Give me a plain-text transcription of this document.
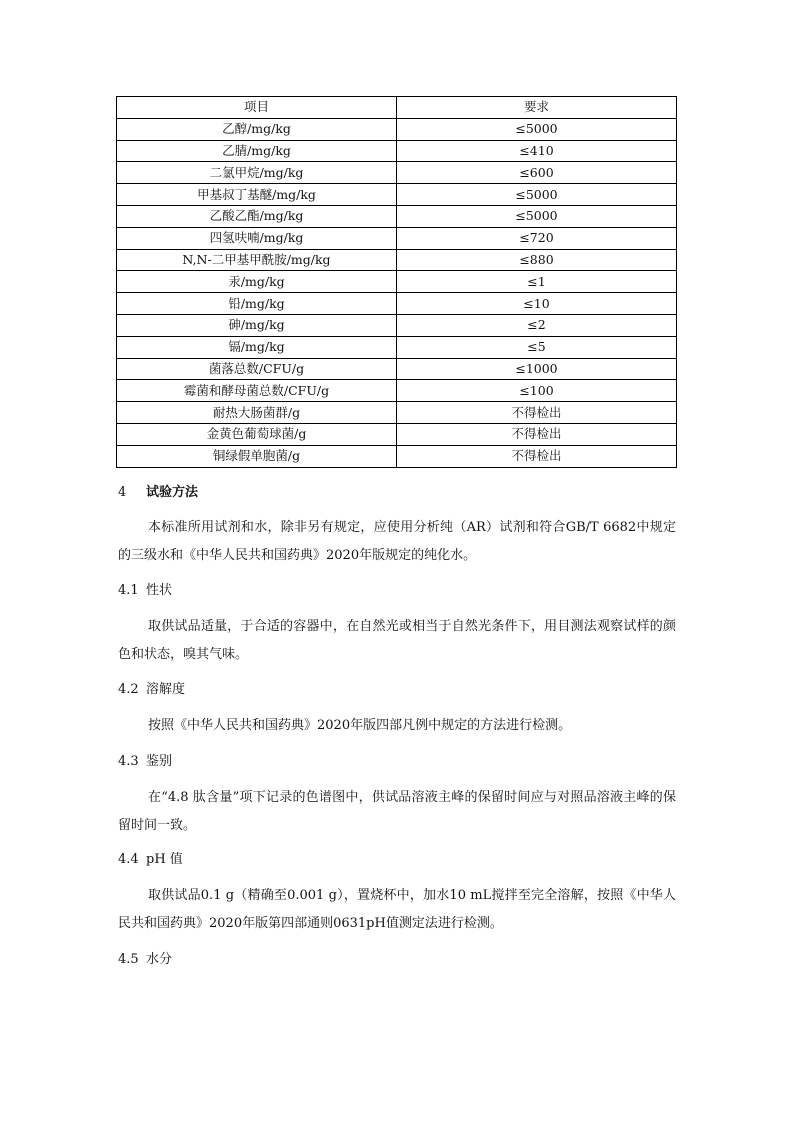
项目	要求
乙醇/mg/kg	≤5000
乙腈/mg/kg	≤410
二氯甲烷/mg/kg	≤600
甲基叔丁基醚/mg/kg	≤5000
乙酸乙酯/mg/kg	≤5000
四氢呋喃/mg/kg	≤720
N,N-二甲基甲酰胺/mg/kg	≤880
汞/mg/kg	≤1
铅/mg/kg	≤10
砷/mg/kg	≤2
镉/mg/kg	≤5
菌落总数/CFU/g	≤1000
霉菌和酵母菌总数/CFU/g	≤100
耐热大肠菌群/g	不得检出
金黄色葡萄球菌/g	不得检出
铜绿假单胞菌/g	不得检出
4 试验方法
本标准所用试剂和水，除非另有规定，应使用分析纯（AR）试剂和符合GB/T 6682中规定的三级水和《中华人民共和国药典》2020年版规定的纯化水。
4.1 性状
取供试品适量，于合适的容器中，在自然光或相当于自然光条件下，用目测法观察试样的颜色和状态，嗅其气味。
4.2 溶解度
按照《中华人民共和国药典》2020年版四部凡例中规定的方法进行检测。
4.3 鉴别
在“4.8 肽含量”项下记录的色谱图中，供试品溶液主峰的保留时间应与对照品溶液主峰的保留时间一致。
4.4 pH 值
取供试品0.1 g（精确至0.001 g），置烧杯中，加水10 mL搅拌至完全溶解，按照《中华人民共和国药典》2020年版第四部通则0631pH值测定法进行检测。
4.5 水分
